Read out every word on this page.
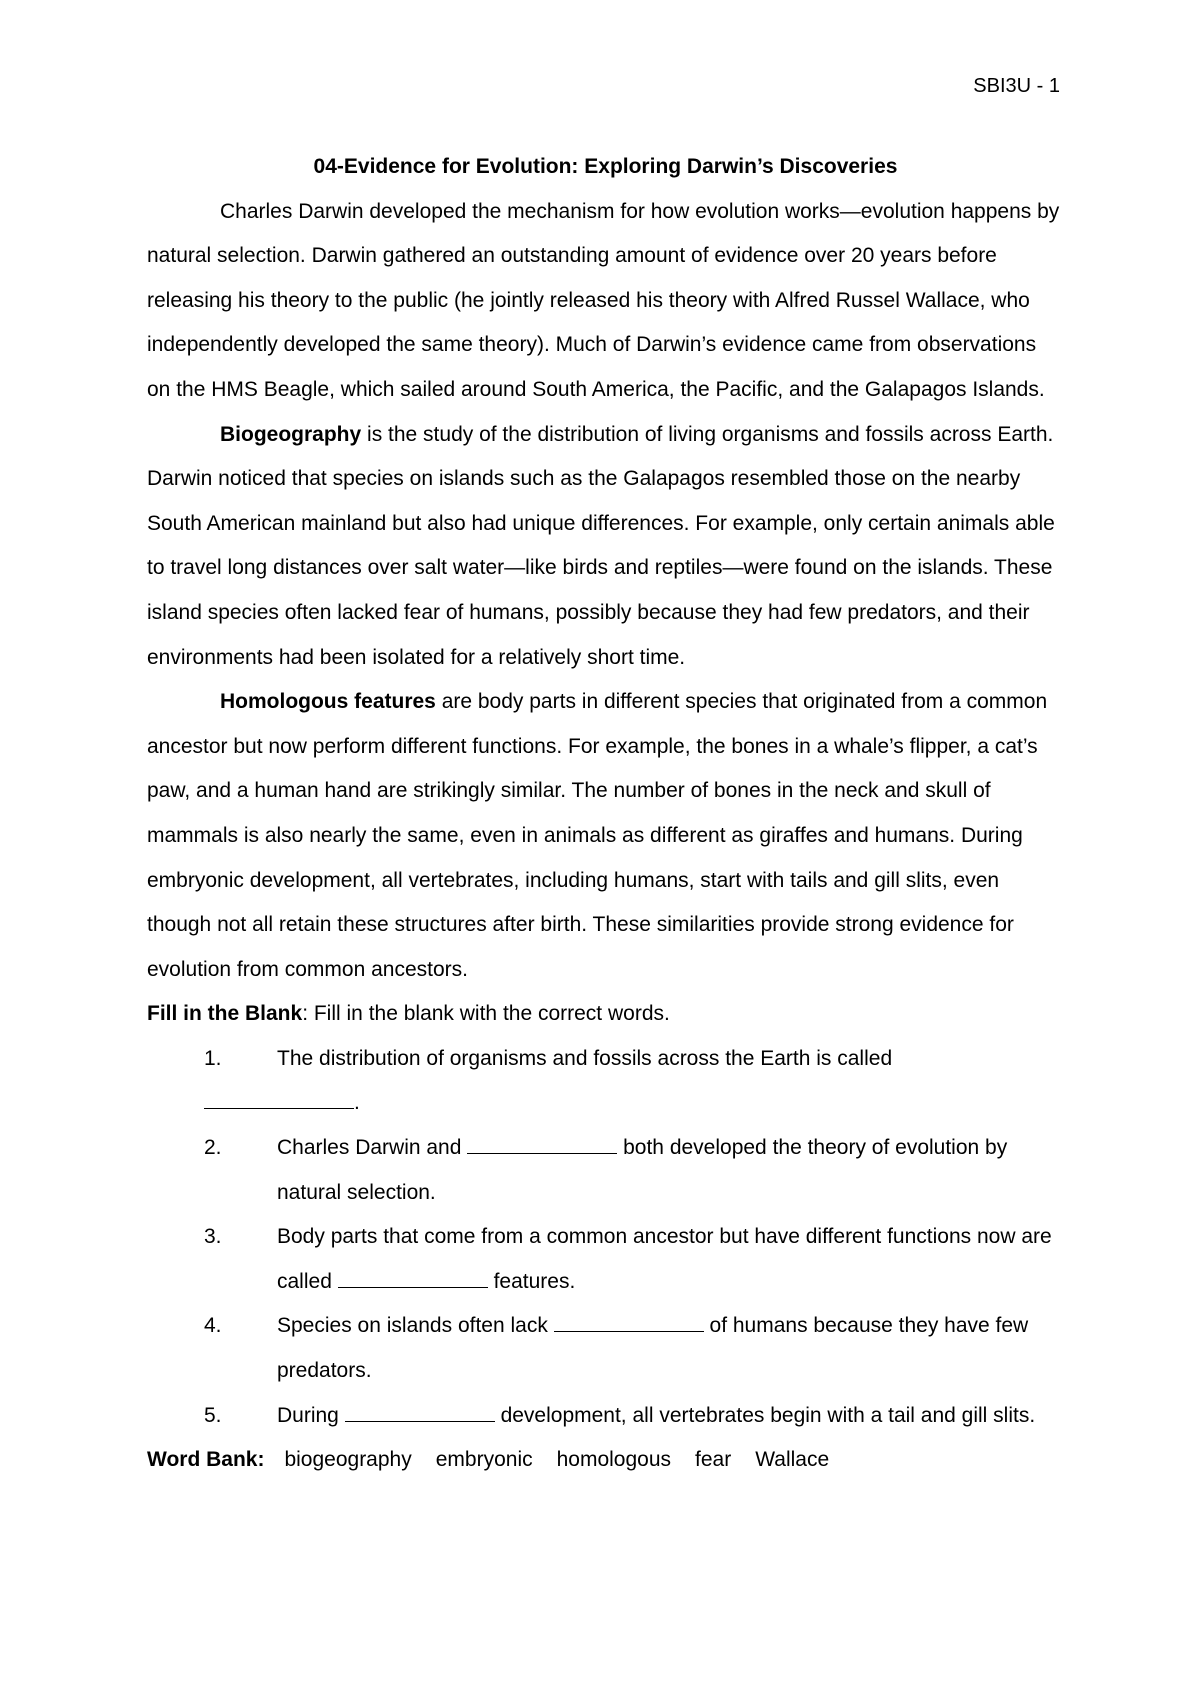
SBI3U - 1

04-Evidence for Evolution: Exploring Darwin’s Discoveries

Charles Darwin developed the mechanism for how evolution works—evolution happens by natural selection. Darwin gathered an outstanding amount of evidence over 20 years before releasing his theory to the public (he jointly released his theory with Alfred Russel Wallace, who independently developed the same theory). Much of Darwin’s evidence came from observations on the HMS Beagle, which sailed around South America, the Pacific, and the Galapagos Islands.

Biogeography is the study of the distribution of living organisms and fossils across Earth. Darwin noticed that species on islands such as the Galapagos resembled those on the nearby South American mainland but also had unique differences. For example, only certain animals able to travel long distances over salt water—like birds and reptiles—were found on the islands. These island species often lacked fear of humans, possibly because they had few predators, and their environments had been isolated for a relatively short time.

Homologous features are body parts in different species that originated from a common ancestor but now perform different functions. For example, the bones in a whale’s flipper, a cat’s paw, and a human hand are strikingly similar. The number of bones in the neck and skull of mammals is also nearly the same, even in animals as different as giraffes and humans. During embryonic development, all vertebrates, including humans, start with tails and gill slits, even though not all retain these structures after birth. These similarities provide strong evidence for evolution from common ancestors.

Fill in the Blank: Fill in the blank with the correct words.

1.	The distribution of organisms and fossils across the Earth is called
.
2.	Charles Darwin and	both developed the theory of evolution by natural selection.
3.	Body parts that come from a common ancestor but have different functions now are called	features.
4.	Species on islands often lack	of humans because they have few predators.
5.	During	development, all vertebrates begin with a tail and gill slits.

Word Bank: biogeography embryonic homologous fear Wallace
